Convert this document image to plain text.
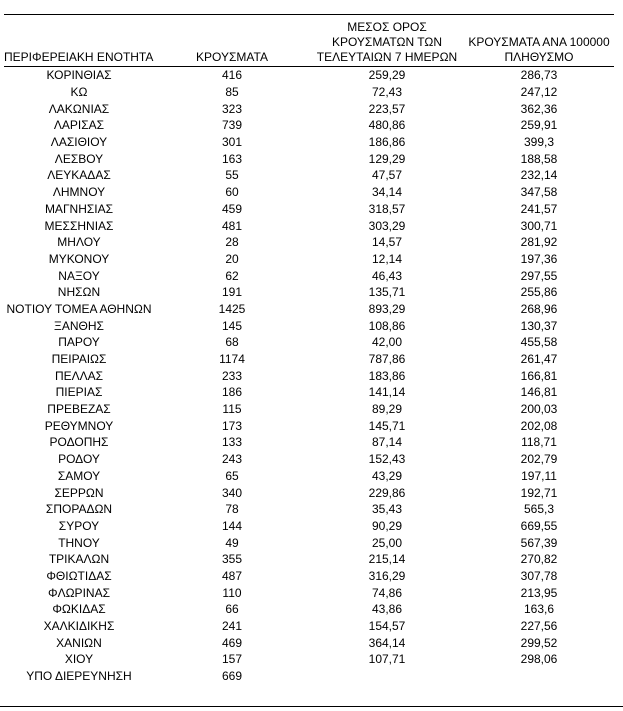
ΠΕΡΙΦΕΡΕΙΑΚΗ ΕΝΟΤΗΤΑ	ΚΡΟΥΣΜΑΤΑ	ΜΕΣΟΣ ΟΡΟΣ ΚΡΟΥΣΜΑΤΩΝ ΤΩΝ ΤΕΛΕΥΤΑΙΩΝ 7 ΗΜΕΡΩΝ	ΚΡΟΥΣΜΑΤΑ ΑΝΑ 100000 ΠΛΗΘΥΣΜΟ
ΚΟΡΙΝΘΙΑΣ	416	259,29	286,73
ΚΩ	85	72,43	247,12
ΛΑΚΩΝΙΑΣ	323	223,57	362,36
ΛΑΡΙΣΑΣ	739	480,86	259,91
ΛΑΣΙΘΙΟΥ	301	186,86	399,3
ΛΕΣΒΟΥ	163	129,29	188,58
ΛΕΥΚΑΔΑΣ	55	47,57	232,14
ΛΗΜΝΟΥ	60	34,14	347,58
ΜΑΓΝΗΣΙΑΣ	459	318,57	241,57
ΜΕΣΣΗΝΙΑΣ	481	303,29	300,71
ΜΗΛΟΥ	28	14,57	281,92
ΜΥΚΟΝΟΥ	20	12,14	197,36
ΝΑΞΟΥ	62	46,43	297,55
ΝΗΣΩΝ	191	135,71	255,86
ΝΟΤΙΟΥ ΤΟΜΕΑ ΑΘΗΝΩΝ	1425	893,29	268,96
ΞΑΝΘΗΣ	145	108,86	130,37
ΠΑΡΟΥ	68	42,00	455,58
ΠΕΙΡΑΙΩΣ	1174	787,86	261,47
ΠΕΛΛΑΣ	233	183,86	166,81
ΠΙΕΡΙΑΣ	186	141,14	146,81
ΠΡΕΒΕΖΑΣ	115	89,29	200,03
ΡΕΘΥΜΝΟΥ	173	145,71	202,08
ΡΟΔΟΠΗΣ	133	87,14	118,71
ΡΟΔΟΥ	243	152,43	202,79
ΣΑΜΟΥ	65	43,29	197,11
ΣΕΡΡΩΝ	340	229,86	192,71
ΣΠΟΡΑΔΩΝ	78	35,43	565,3
ΣΥΡΟΥ	144	90,29	669,55
ΤΗΝΟΥ	49	25,00	567,39
ΤΡΙΚΑΛΩΝ	355	215,14	270,82
ΦΘΙΩΤΙΔΑΣ	487	316,29	307,78
ΦΛΩΡΙΝΑΣ	110	74,86	213,95
ΦΩΚΙΔΑΣ	66	43,86	163,6
ΧΑΛΚΙΔΙΚΗΣ	241	154,57	227,56
ΧΑΝΙΩΝ	469	364,14	299,52
ΧΙΟΥ	157	107,71	298,06
ΥΠΟ ΔΙΕΡΕΥΝΗΣΗ	669		
